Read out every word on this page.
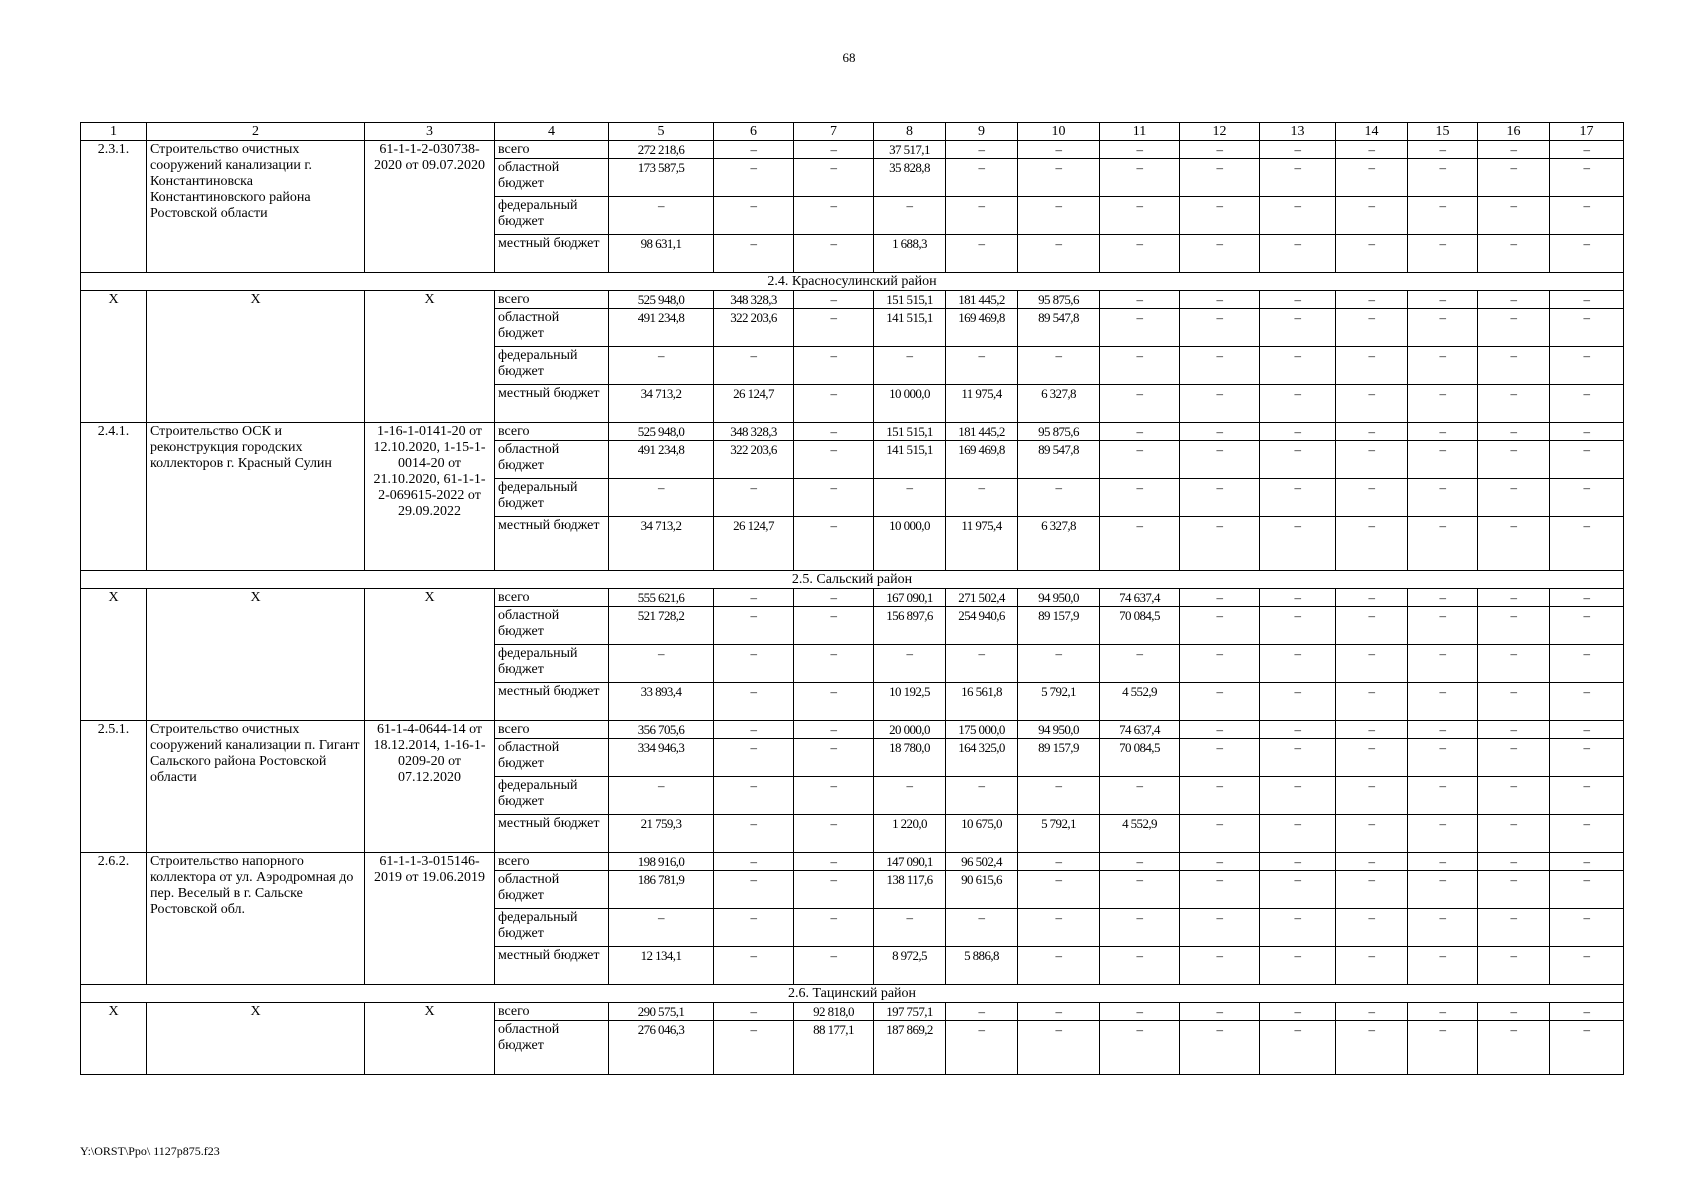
68
1	2	3	4	5	6	7	8	9	10	11	12	13	14	15	16	17
2.3.1.	Строительство очистных сооружений канализации г. Константиновска Константиновского района Ростовской области	61-1-1-2-030738-2020 от 09.07.2020	всего	272 218,6	–	–	37 517,1	–	–	–	–	–	–	–	–	–
			областной бюджет	173 587,5	–	–	35 828,8	–	–	–	–	–	–	–	–	–
			федеральный бюджет	–	–	–	–	–	–	–	–	–	–	–	–	–
			местный бюджет	98 631,1	–	–	1 688,3	–	–	–	–	–	–	–	–	–
2.4. Красносулинский район																
Х	Х	Х	всего	525 948,0	348 328,3	–	151 515,1	181 445,2	95 875,6	–	–	–	–	–	–	–
			областной бюджет	491 234,8	322 203,6	–	141 515,1	169 469,8	89 547,8	–	–	–	–	–	–	–
			федеральный бюджет	–	–	–	–	–	–	–	–	–	–	–	–	–
			местный бюджет	34 713,2	26 124,7	–	10 000,0	11 975,4	6 327,8	–	–	–	–	–	–	–
2.4.1.	Строительство ОСК и реконструкция городских коллекторов г. Красный Сулин	1-16-1-0141-20 от 12.10.2020, 1-15-1-0014-20 от 21.10.2020, 61-1-1-2-069615-2022 от 29.09.2022	всего	525 948,0	348 328,3	–	151 515,1	181 445,2	95 875,6	–	–	–	–	–	–	–
			областной бюджет	491 234,8	322 203,6	–	141 515,1	169 469,8	89 547,8	–	–	–	–	–	–	–
			федеральный бюджет	–	–	–	–	–	–	–	–	–	–	–	–	–
			местный бюджет	34 713,2	26 124,7	–	10 000,0	11 975,4	6 327,8	–	–	–	–	–	–	–
2.5. Сальский район																
Х	Х	Х	всего	555 621,6	–	–	167 090,1	271 502,4	94 950,0	74 637,4	–	–	–	–	–	–
			областной бюджет	521 728,2	–	–	156 897,6	254 940,6	89 157,9	70 084,5	–	–	–	–	–	–
			федеральный бюджет	–	–	–	–	–	–	–	–	–	–	–	–	–
			местный бюджет	33 893,4	–	–	10 192,5	16 561,8	5 792,1	4 552,9	–	–	–	–	–	–
2.5.1.	Строительство очистных сооружений канализации п. Гигант Сальского района Ростовской области	61-1-4-0644-14 от 18.12.2014, 1-16-1-0209-20 от 07.12.2020	всего	356 705,6	–	–	20 000,0	175 000,0	94 950,0	74 637,4	–	–	–	–	–	–
			областной бюджет	334 946,3	–	–	18 780,0	164 325,0	89 157,9	70 084,5	–	–	–	–	–	–
			федеральный бюджет	–	–	–	–	–	–	–	–	–	–	–	–	–
			местный бюджет	21 759,3	–	–	1 220,0	10 675,0	5 792,1	4 552,9	–	–	–	–	–	–
2.6.2.	Строительство напорного коллектора от ул. Аэродромная до пер. Веселый в г. Сальске Ростовской обл.	61-1-1-3-015146-2019 от 19.06.2019	всего	198 916,0	–	–	147 090,1	96 502,4	–	–	–	–	–	–	–	–
			областной бюджет	186 781,9	–	–	138 117,6	90 615,6	–	–	–	–	–	–	–	–
			федеральный бюджет	–	–	–	–	–	–	–	–	–	–	–	–	–
			местный бюджет	12 134,1	–	–	8 972,5	5 886,8	–	–	–	–	–	–	–	–
2.6. Тацинский район																
Х	Х	Х	всего	290 575,1	–	92 818,0	197 757,1	–	–	–	–	–	–	–	–	–
			областной бюджет	276 046,3	–	88 177,1	187 869,2	–	–	–	–	–	–	–	–	–
Y:\ORST\Ppo\ 1127p875.f23
